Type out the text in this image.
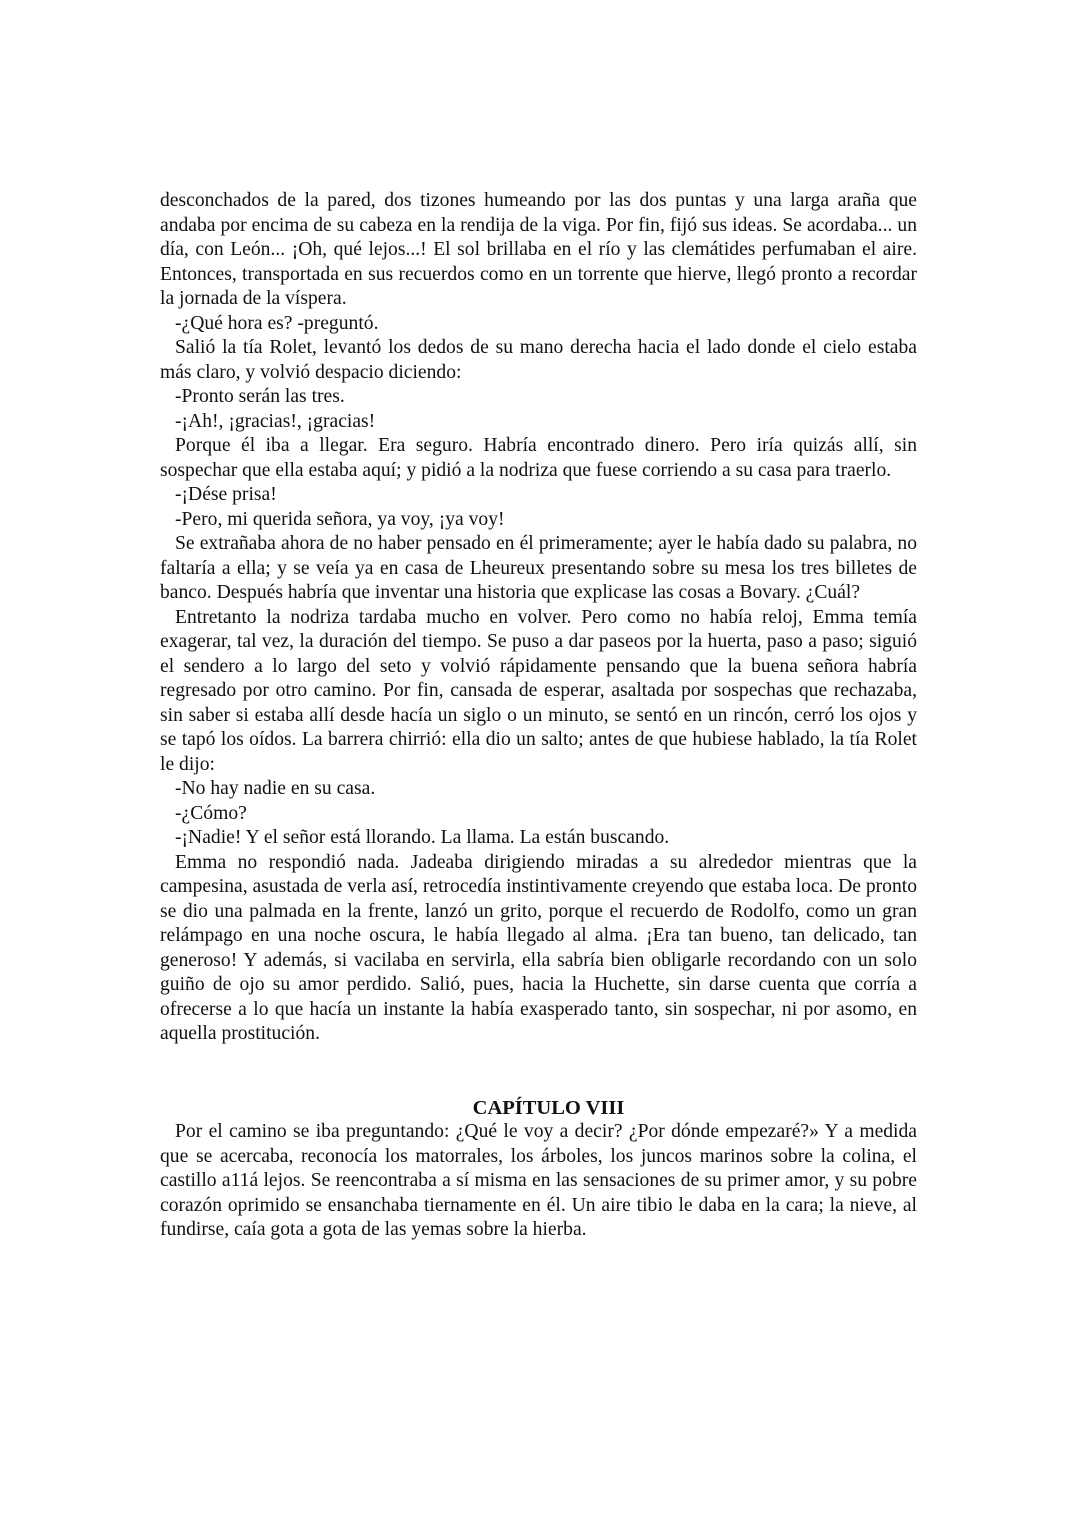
desconchados de la pared, dos tizones humeando por las dos puntas y una larga araña que andaba por encima de su cabeza en la rendija de la viga. Por fin, fijó sus ideas. Se acordaba... un día, con León... ¡Oh, qué lejos...! El sol brillaba en el río y las clemátides perfumaban el aire. Entonces, transportada en sus recuerdos como en un torrente que hierve, llegó pronto a recordar la jornada de la víspera.

-¿Qué hora es? -preguntó.

Salió la tía Rolet, levantó los dedos de su mano derecha hacia el lado donde el cielo estaba más claro, y volvió despacio diciendo:

-Pronto serán las tres.

-¡Ah!, ¡gracias!, ¡gracias!

Porque él iba a llegar. Era seguro. Habría encontrado dinero. Pero iría quizás allí, sin sospechar que ella estaba aquí; y pidió a la nodriza que fuese corriendo a su casa para traerlo.

-¡Dése prisa!

-Pero, mi querida señora, ya voy, ¡ya voy!

Se extrañaba ahora de no haber pensado en él primeramente; ayer le había dado su palabra, no faltaría a ella; y se veía ya en casa de Lheureux presentando sobre su mesa los tres billetes de banco. Después habría que inventar una historia que explicase las cosas a Bovary. ¿Cuál?

Entretanto la nodriza tardaba mucho en volver. Pero como no había reloj, Emma temía exagerar, tal vez, la duración del tiempo. Se puso a dar paseos por la huerta, paso a paso; siguió el sendero a lo largo del seto y volvió rápidamente pensando que la buena señora habría regresado por otro camino. Por fin, cansada de esperar, asaltada por sospechas que rechazaba, sin saber si estaba allí desde hacía un siglo o un minuto, se sentó en un rincón, cerró los ojos y se tapó los oídos. La barrera chirrió: ella dio un salto; antes de que hubiese hablado, la tía Rolet le dijo:

-No hay nadie en su casa.

-¿Cómo?

-¡Nadie! Y el señor está llorando. La llama. La están buscando.

Emma no respondió nada. Jadeaba dirigiendo miradas a su alrededor mientras que la campesina, asustada de verla así, retrocedía instintivamente creyendo que estaba loca. De pronto se dio una palmada en la frente, lanzó un grito, porque el recuerdo de Rodolfo, como un gran relámpago en una noche oscura, le había llegado al alma. ¡Era tan bueno, tan delicado, tan generoso! Y además, si vacilaba en servirla, ella sabría bien obligarle recordando con un solo guiño de ojo su amor perdido. Salió, pues, hacia la Huchette, sin darse cuenta que corría a ofrecerse a lo que hacía un instante la había exasperado tanto, sin sospechar, ni por asomo, en aquella prostitución.

CAPÍTULO VIII

Por el camino se iba preguntando: ¿Qué le voy a decir? ¿Por dónde empezaré?» Y a medida que se acercaba, reconocía los matorrales, los árboles, los juncos marinos sobre la colina, el castillo a11á lejos. Se reencontraba a sí misma en las sensaciones de su primer amor, y su pobre corazón oprimido se ensanchaba tiernamente en él. Un aire tibio le daba en la cara; la nieve, al fundirse, caía gota a gota de las yemas sobre la hierba.
